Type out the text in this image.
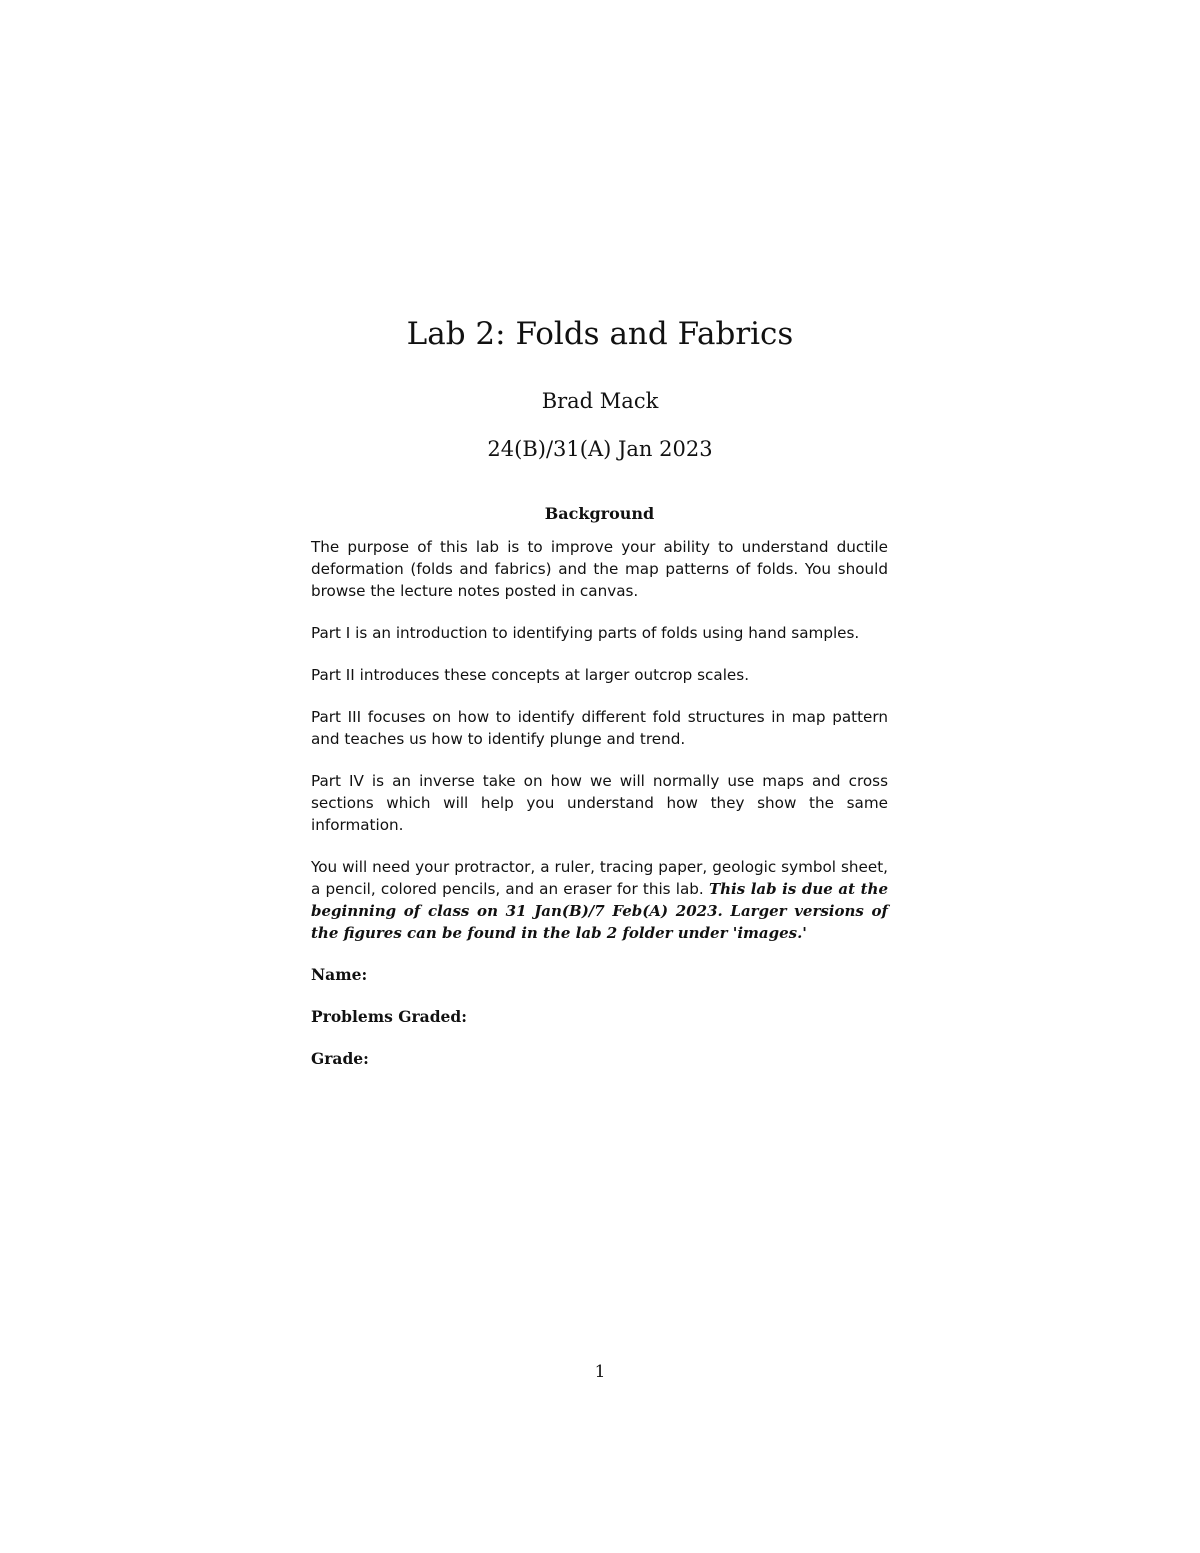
Lab 2: Folds and Fabrics
Brad Mack
24(B)/31(A) Jan 2023
Background

The purpose of this lab is to improve your ability to understand ductile deformation (folds and fabrics) and the map patterns of folds. You should browse the lecture notes posted in canvas.

Part I is an introduction to identifying parts of folds using hand samples.

Part II introduces these concepts at larger outcrop scales.

Part III focuses on how to identify different fold structures in map pattern and teaches us how to identify plunge and trend.

Part IV is an inverse take on how we will normally use maps and cross sections which will help you understand how they show the same information.

You will need your protractor, a ruler, tracing paper, geologic symbol sheet, a pencil, colored pencils, and an eraser for this lab. This lab is due at the beginning of class on 31 Jan(B)/7 Feb(A) 2023. Larger versions of the figures can be found in the lab 2 folder under 'images.'

Name:
Problems Graded:
Grade:
1
